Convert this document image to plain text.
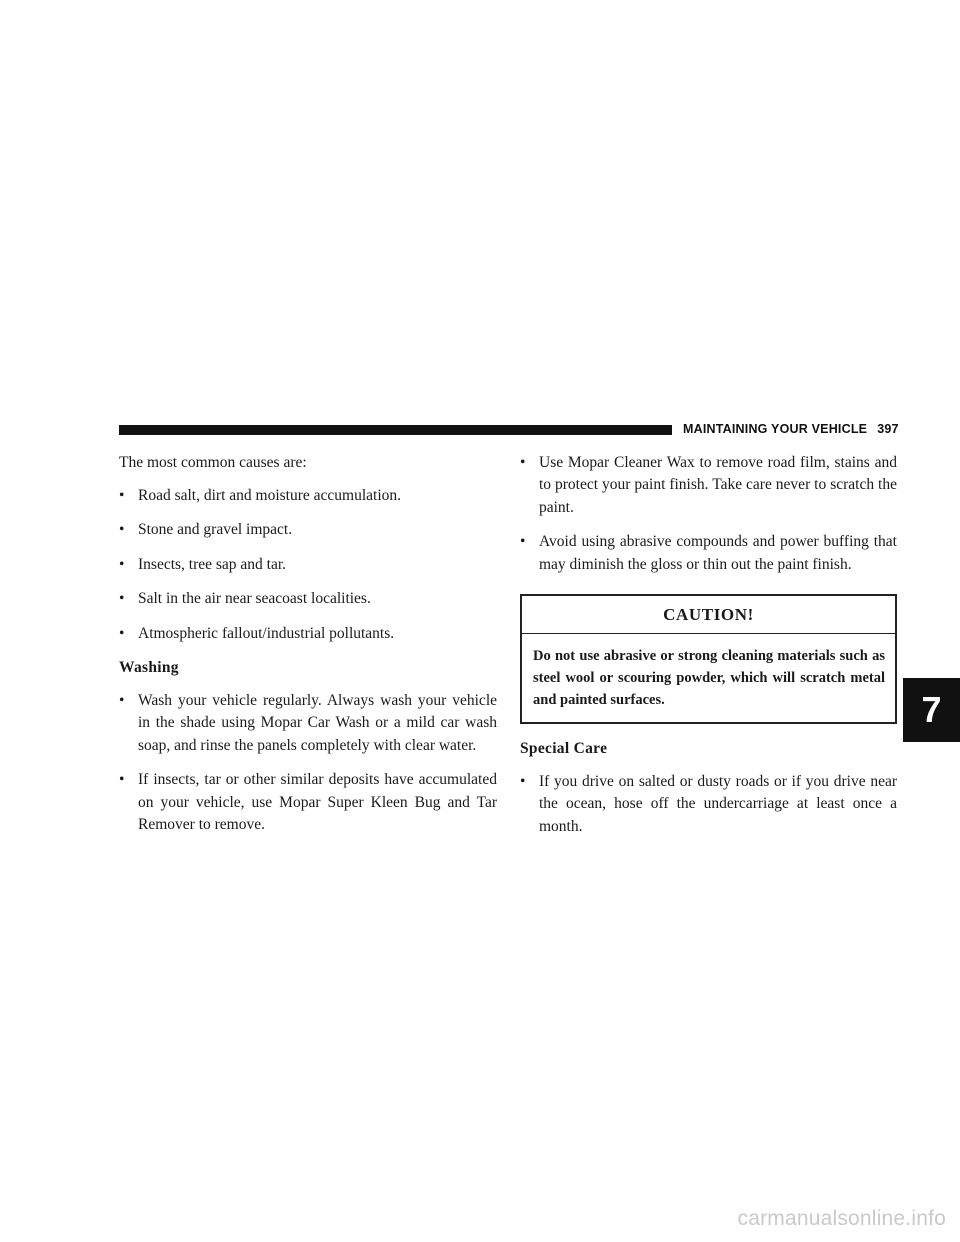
MAINTAINING YOUR VEHICLE 397

The most common causes are:

• Road salt, dirt and moisture accumulation.
• Stone and gravel impact.
• Insects, tree sap and tar.
• Salt in the air near seacoast localities.
• Atmospheric fallout/industrial pollutants.
Washing
• Wash your vehicle regularly. Always wash your vehicle in the shade using Mopar Car Wash or a mild car wash soap, and rinse the panels completely with clear water.
• If insects, tar or other similar deposits have accumulated on your vehicle, use Mopar Super Kleen Bug and Tar Remover to remove.
• Use Mopar Cleaner Wax to remove road film, stains and to protect your paint finish. Take care never to scratch the paint.
• Avoid using abrasive compounds and power buffing that may diminish the gloss or thin out the paint finish.
CAUTION!
Do not use abrasive or strong cleaning materials such as steel wool or scouring powder, which will scratch metal and painted surfaces.
Special Care
• If you drive on salted or dusty roads or if you drive near the ocean, hose off the undercarriage at least once a month.
7
carmanualsonline.info
